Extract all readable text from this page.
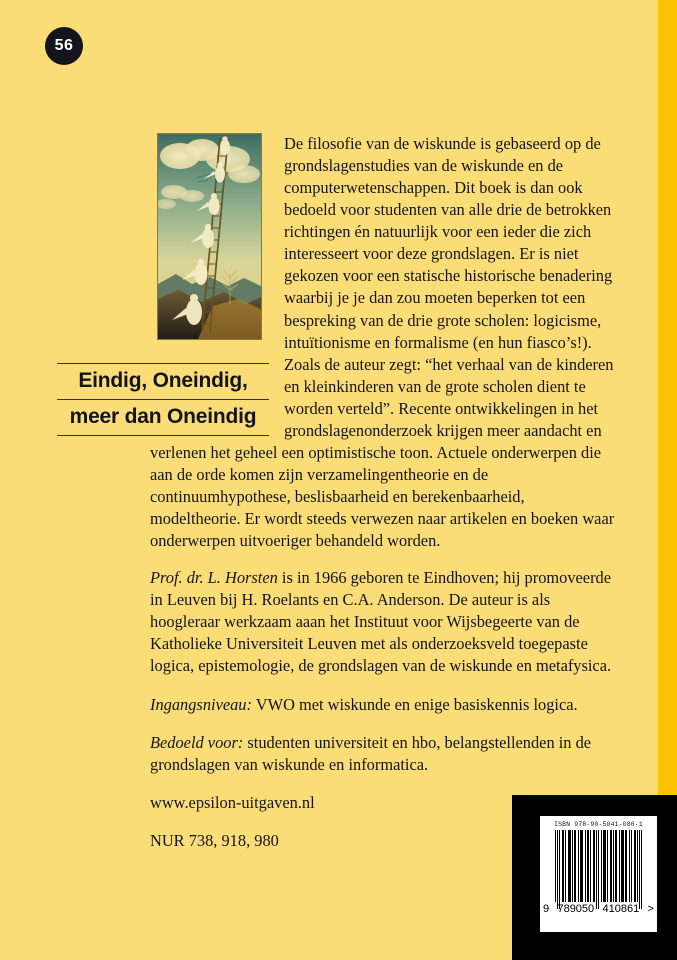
56
Eindig, Oneindig,
meer dan Oneindig

De filosofie van de wiskunde is gebaseerd op de grondslagenstudies van de wiskunde en de computerwetenschappen. Dit boek is dan ook bedoeld voor studenten van alle drie de betrokken richtingen én natuurlijk voor een ieder die zich interesseert voor deze grondslagen. Er is niet gekozen voor een statische historische benadering waarbij je je dan zou moeten beperken tot een bespreking van de drie grote scholen: logicisme, intuïtionisme en formalisme (en hun fiasco’s!). Zoals de auteur zegt: “het verhaal van de kinderen en kleinkinderen van de grote scholen dient te worden verteld”. Recente ontwikkelingen in het grondslagenonderzoek krijgen meer aandacht en verlenen het geheel een optimistische toon. Actuele onderwerpen die aan de orde komen zijn verzamelingentheorie en de continuumhypothese, beslisbaarheid en berekenbaarheid, modeltheorie. Er wordt steeds verwezen naar artikelen en boeken waar onderwerpen uitvoeriger behandeld worden.

Prof. dr. L. Horsten is in 1966 geboren te Eindhoven; hij promoveerde in Leuven bij H. Roelants en C.A. Anderson. De auteur is als hoogleraar werkzaam aaan het Instituut voor Wijsbegeerte van de Katholieke Universiteit Leuven met als onderzoeksveld toegepaste logica, epistemologie, de grondslagen van de wiskunde en metafysica.

Ingangsniveau: VWO met wiskunde en enige basiskennis logica.

Bedoeld voor: studenten universiteit en hbo, belangstellenden in de grondslagen van wiskunde en informatica.

www.epsilon-uitgaven.nl

NUR 738, 918, 980

ISBN 978-90-5041-086-1
9 789050 410861 >
